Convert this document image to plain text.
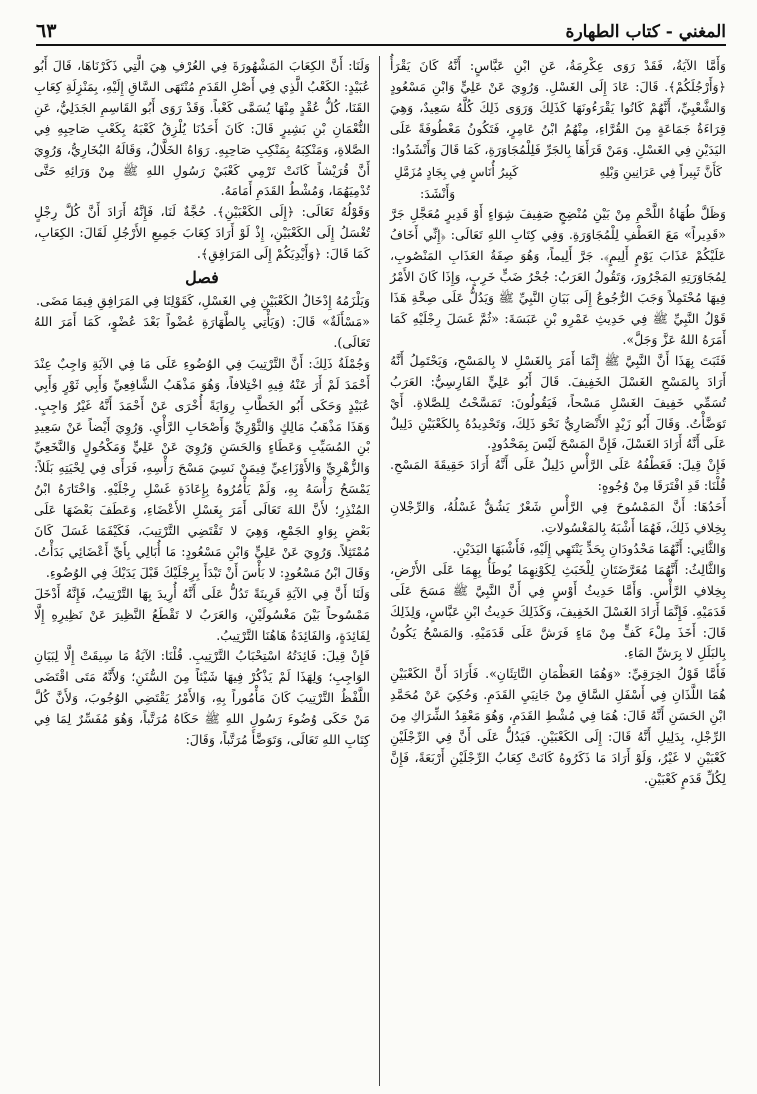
المغني - كتاب الطهارة
٦٣

وَأَمَّا الآيَةُ، فَقَدْ رَوَى عِكْرِمَةُ، عَنِ ابْنِ عَبَّاسٍ: أَنَّهُ كَانَ يَقْرَأُ ﴿وَأَرْجُلَكُمْ﴾. قَالَ: عَادَ إِلَى الغَسْلِ. وَرُوِيَ عَنْ عَلِيٍّ وَابْنِ مَسْعُودٍ وَالشَّعْبِيِّ، أَنَّهُمْ كَانُوا يَقْرَءُونَهَا كَذَلِكَ وَرَوَى ذَلِكَ كُلَّهُ سَعِيدٌ، وَهِيَ قِرَاءَةُ جَمَاعَةٍ مِنَ القُرَّاءِ، مِنْهُمُ ابْنُ عَامِرٍ، فَتَكُونُ مَعْطُوفَةً عَلَى اليَدَيْنِ فِي الغَسْلِ. وَمَنْ قَرَأَهَا بِالجَرِّ فَلِلْمُجَاوَرَةِ، كَمَا قَالَ وَأَنْشَدُوا:

كَأَنَّ ثَبِيراً فِي عَرَانِينِ وَبْلِهِ
كَبِيرُ أُنَاسٍ فِي بِجَادٍ مُزَمَّلِ

وَأَنْشَدَ:

وَظَلَّ طُهَاةُ اللَّحْمِ مِنْ بَيْنِ مُنْضِجٍ صَفِيفَ شِوَاءٍ أَوْ قَدِيرٍ مُعَجَّلِ جَرَّ «قَدِيراً» مَعَ العَطْفِ لِلْمُجَاوَرَةِ. وَفِي كِتَابِ اللهِ تَعَالَى: ﴿إِنِّي أَخَافُ عَلَيْكُمْ عَذَابَ يَوْمٍ أَلِيمٍ﴾. جَرَّ أَلِيماً، وَهُوَ صِفَةُ العَذَابِ المَنْصُوبِ، لِمُجَاوَرَتِهِ المَجْرُورَ، وَتَقُولُ العَرَبُ: جُحْرُ ضَبٍّ خَرِبٍ، وَإِذَا كَانَ الأَمْرُ فِيهَا مُحْتَمِلاً وَجَبَ الرُّجُوعُ إِلَى بَيَانِ النَّبِيِّ ﷺ وَيَدُلُّ عَلَى صِحَّةِ هَذَا قَوْلُ النَّبِيِّ ﷺ فِي حَدِيثِ عَمْرِو بْنِ عَبَسَةَ: «ثُمَّ غَسَلَ رِجْلَيْهِ كَمَا أَمَرَهُ اللهُ عَزَّ وَجَلَّ».

فَثَبَتَ بِهَذَا أَنَّ النَّبِيَّ ﷺ إِنَّمَا أَمَرَ بِالغَسْلِ لا بِالمَسْحِ، وَيَحْتَمِلُ أَنَّهُ أَرَادَ بِالمَسْحِ الغَسْلَ الخَفِيفَ. قَالَ أَبُو عَلِيٍّ الفَارِسِيُّ: العَرَبُ تُسَمِّي خَفِيفَ الغَسْلِ مَسْحاً، فَيَقُولُونَ: تَمَسَّحْتُ لِلصَّلاةِ. أَيْ تَوَضَّأْتُ. وَقَالَ أَبُو زَيْدٍ الأَنْصَارِيُّ نَحْوَ ذَلِكَ، وَتَحْدِيدُهُ بِالكَعْبَيْنِ دَلِيلٌ عَلَى أَنَّهُ أَرَادَ الغَسْلَ، فَإِنَّ المَسْحَ لَيْسَ بِمَحْدُودٍ.

فَإِنْ قِيلَ: فَعَطْفُهُ عَلَى الرَّأْسِ دَلِيلٌ عَلَى أَنَّهُ أَرَادَ حَقِيقَةَ المَسْحِ. قُلْنَا: قَدِ افْتَرَقَا مِنْ وُجُوهٍ:

أَحَدُهَا: أَنَّ المَمْسُوحَ فِي الرَّأْسِ شَعْرٌ يَشُقُّ غَسْلُهُ، وَالرِّجْلانِ بِخِلافِ ذَلِكَ، فَهُمَا أَشْبَهُ بِالمَغْسُولاتِ.

وَالثَّانِي: أَنَّهُمَا مَحْدُودَانِ بِحَدٍّ يَنْتَهِي إِلَيْهِ، فَأَشْبَهَا اليَدَيْنِ.

وَالثَّالِثُ: أَنَّهُمَا مُعَرَّضَتَانِ لِلْخَبَثِ لِكَوْنِهِمَا يُوطَأُ بِهِمَا عَلَى الأَرْضِ، بِخِلافِ الرَّأْسِ. وَأَمَّا حَدِيثُ أَوْسٍ فِي أَنَّ النَّبِيَّ ﷺ مَسَحَ عَلَى قَدَمَيْهِ. فَإِنَّمَا أَرَادَ الغَسْلَ الخَفِيفَ، وَكَذَلِكَ حَدِيثُ ابْنِ عَبَّاسٍ، وَلِذَلِكَ قَالَ: أَخَذَ مِلْءَ كَفٍّ مِنْ مَاءٍ فَرَشَّ عَلَى قَدَمَيْهِ. وَالمَسْحُ يَكُونُ بِالبَلَلِ لا بِرَشِّ المَاءِ.

فَأَمَّا قَوْلُ الخِرَقِيِّ: «وَهُمَا العَظْمَانِ النَّاتِئَانِ». فَأَرَادَ أَنَّ الكَعْبَيْنِ هُمَا اللَّذَانِ فِي أَسْفَلِ السَّاقِ مِنْ جَانِبَيِ القَدَمِ. وَحُكِيَ عَنْ مُحَمَّدِ ابْنِ الحَسَنِ أَنَّهُ قَالَ: هُمَا فِي مُشْطِ القَدَمِ، وَهُوَ مَعْقِدُ الشِّرَاكِ مِنَ الرِّجْلِ، بِدَلِيلِ أَنَّهُ قَالَ: إِلَى الكَعْبَيْنِ. فَيَدُلُّ عَلَى أَنَّ فِي الرِّجْلَيْنِ كَعْبَيْنِ لا غَيْرُ، وَلَوْ أَرَادَ مَا ذَكَرُوهُ كَانَتْ كِعَابُ الرِّجْلَيْنِ أَرْبَعَةً، فَإِنَّ لِكُلِّ قَدَمٍ كَعْبَيْنِ.

وَلَنَا: أَنَّ الكِعَابَ المَشْهُورَةَ فِي العُرْفِ هِيَ الَّتِي ذَكَرْنَاهَا، قَالَ أَبُو عُبَيْدٍ: الكَعْبُ الَّذِي فِي أَصْلِ القَدَمِ مُنْتَهَى السَّاقِ إِلَيْهِ، بِمَنْزِلَةِ كِعَابِ القَنَا، كُلُّ عُقْدٍ مِنْهَا يُسَمَّى كَعْباً. وَقَدْ رَوَى أَبُو القَاسِمِ الجَدَلِيُّ، عَنِ النُّعْمَانِ بْنِ بَشِيرٍ قَالَ: كَانَ أَحَدُنَا يُلْزِقُ كَعْبَهُ بِكَعْبِ صَاحِبِهِ فِي الصَّلاةِ، وَمَنْكِبَهُ بِمَنْكِبِ صَاحِبِهِ. رَوَاهُ الخَلَّالُ، وَقَالَهُ البُخَارِيُّ، وَرُوِيَ أَنَّ قُرَيْشاً كَانَتْ تَرْمِي كَعْبَيْ رَسُولِ اللهِ ﷺ مِنْ وَرَائِهِ حَتَّى تُدْمِيَهُمَا، وَمُشْطُ القَدَمِ أَمَامَهُ.

وَقَوْلُهُ تَعَالَى: ﴿إِلَى الكَعْبَيْنِ﴾. حُجَّةٌ لَنَا، فَإِنَّهُ أَرَادَ أَنَّ كُلَّ رِجْلٍ تُغْسَلُ إِلَى الكَعْبَيْنِ، إِذْ لَوْ أَرَادَ كِعَابَ جَمِيعِ الأَرْجُلِ لَقَالَ: الكِعَابِ، كَمَا قَالَ: ﴿وَأَيْدِيَكُمْ إِلَى المَرَافِقِ﴾.

فصل

وَيَلْزَمُهُ إِدْخَالُ الكَعْبَيْنِ فِي الغَسْلِ، كَقَوْلِنَا فِي المَرَافِقِ فِيمَا مَضَى.

«مَسْأَلَةٌ» قَالَ: (وَيَأْتِي بِالطَّهَارَةِ عُضْواً بَعْدَ عُضْوٍ، كَمَا أَمَرَ اللهُ تَعَالَى).

وَجُمْلَةُ ذَلِكَ: أَنَّ التَّرْتِيبَ فِي الوُضُوءِ عَلَى مَا فِي الآيَةِ وَاجِبٌ عِنْدَ أَحْمَدَ لَمْ أَرَ عَنْهُ فِيهِ اخْتِلافاً، وَهُوَ مَذْهَبُ الشَّافِعِيِّ وَأَبِي ثَوْرٍ وَأَبِي عُبَيْدٍ وَحَكَى أَبُو الخَطَّابِ رِوَايَةً أُخْرَى عَنْ أَحْمَدَ أَنَّهُ غَيْرُ وَاجِبٍ. وَهَذَا مَذْهَبُ مَالِكٍ وَالثَّوْرِيِّ وَأَصْحَابِ الرَّأْيِ. وَرُوِيَ أَيْضاً عَنْ سَعِيدِ بْنِ المُسَيِّبِ وَعَطَاءٍ وَالحَسَنِ وَرُوِيَ عَنْ عَلِيٍّ وَمَكْحُولٍ وَالنَّخَعِيِّ وَالزُّهْرِيِّ وَالأَوْزَاعِيِّ فِيمَنْ نَسِيَ مَسْحَ رَأْسِهِ، فَرَأَى فِي لِحْيَتِهِ بَلَلاً: يَمْسَحُ رَأْسَهُ بِهِ، وَلَمْ يَأْمُرُوهُ بِإِعَادَةِ غَسْلِ رِجْلَيْهِ. وَاخْتَارَهُ ابْنُ المُنْذِرِ؛ لأَنَّ اللهَ تَعَالَى أَمَرَ بِغَسْلِ الأَعْضَاءِ، وَعَطَفَ بَعْضَهَا عَلَى بَعْضٍ بِوَاوِ الجَمْعِ، وَهِيَ لا تَقْتَضِي التَّرْتِيبَ، فَكَيْفَمَا غَسَلَ كَانَ مُمْتَثِلاً. وَرُوِيَ عَنْ عَلِيٍّ وَابْنِ مَسْعُودٍ: مَا أُبَالِي بِأَيِّ أَعْضَائِي بَدَأْتُ. وَقَالَ ابْنُ مَسْعُودٍ: لا بَأْسَ أَنْ تَبْدَأَ بِرِجْلَيْكَ قَبْلَ يَدَيْكَ فِي الوُضُوءِ.

وَلَنَا أَنَّ فِي الآيَةِ قَرِينَةً تَدُلُّ عَلَى أَنَّهُ أُرِيدَ بِهَا التَّرْتِيبُ، فَإِنَّهُ أَدْخَلَ مَمْسُوحاً بَيْنَ مَغْسُولَيْنِ، وَالعَرَبُ لا تَقْطَعُ النَّظِيرَ عَنْ نَظِيرِهِ إِلَّا لِفَائِدَةٍ، وَالفَائِدَةُ هَاهُنَا التَّرْتِيبُ.

فَإِنْ قِيلَ: فَائِدَتُهُ اسْتِحْبَابُ التَّرْتِيبِ. قُلْنَا: الآيَةُ مَا سِيقَتْ إِلَّا لِبَيَانِ الوَاجِبِ؛ وَلِهَذَا لَمْ يَذْكُرْ فِيهَا شَيْئاً مِنَ السُّنَنِ؛ وَلأَنَّهُ مَتَى اقْتَضَى اللَّفْظُ التَّرْتِيبَ كَانَ مَأْمُوراً بِهِ، وَالأَمْرُ يَقْتَضِي الوُجُوبَ، وَلأَنَّ كُلَّ مَنْ حَكَى وُضُوءَ رَسُولِ اللهِ ﷺ حَكَاهُ مُرَتَّباً، وَهُوَ مُفَسِّرٌ لِمَا فِي كِتَابِ اللهِ تَعَالَى، وَتَوَضَّأَ مُرَتَّباً، وَقَالَ:
